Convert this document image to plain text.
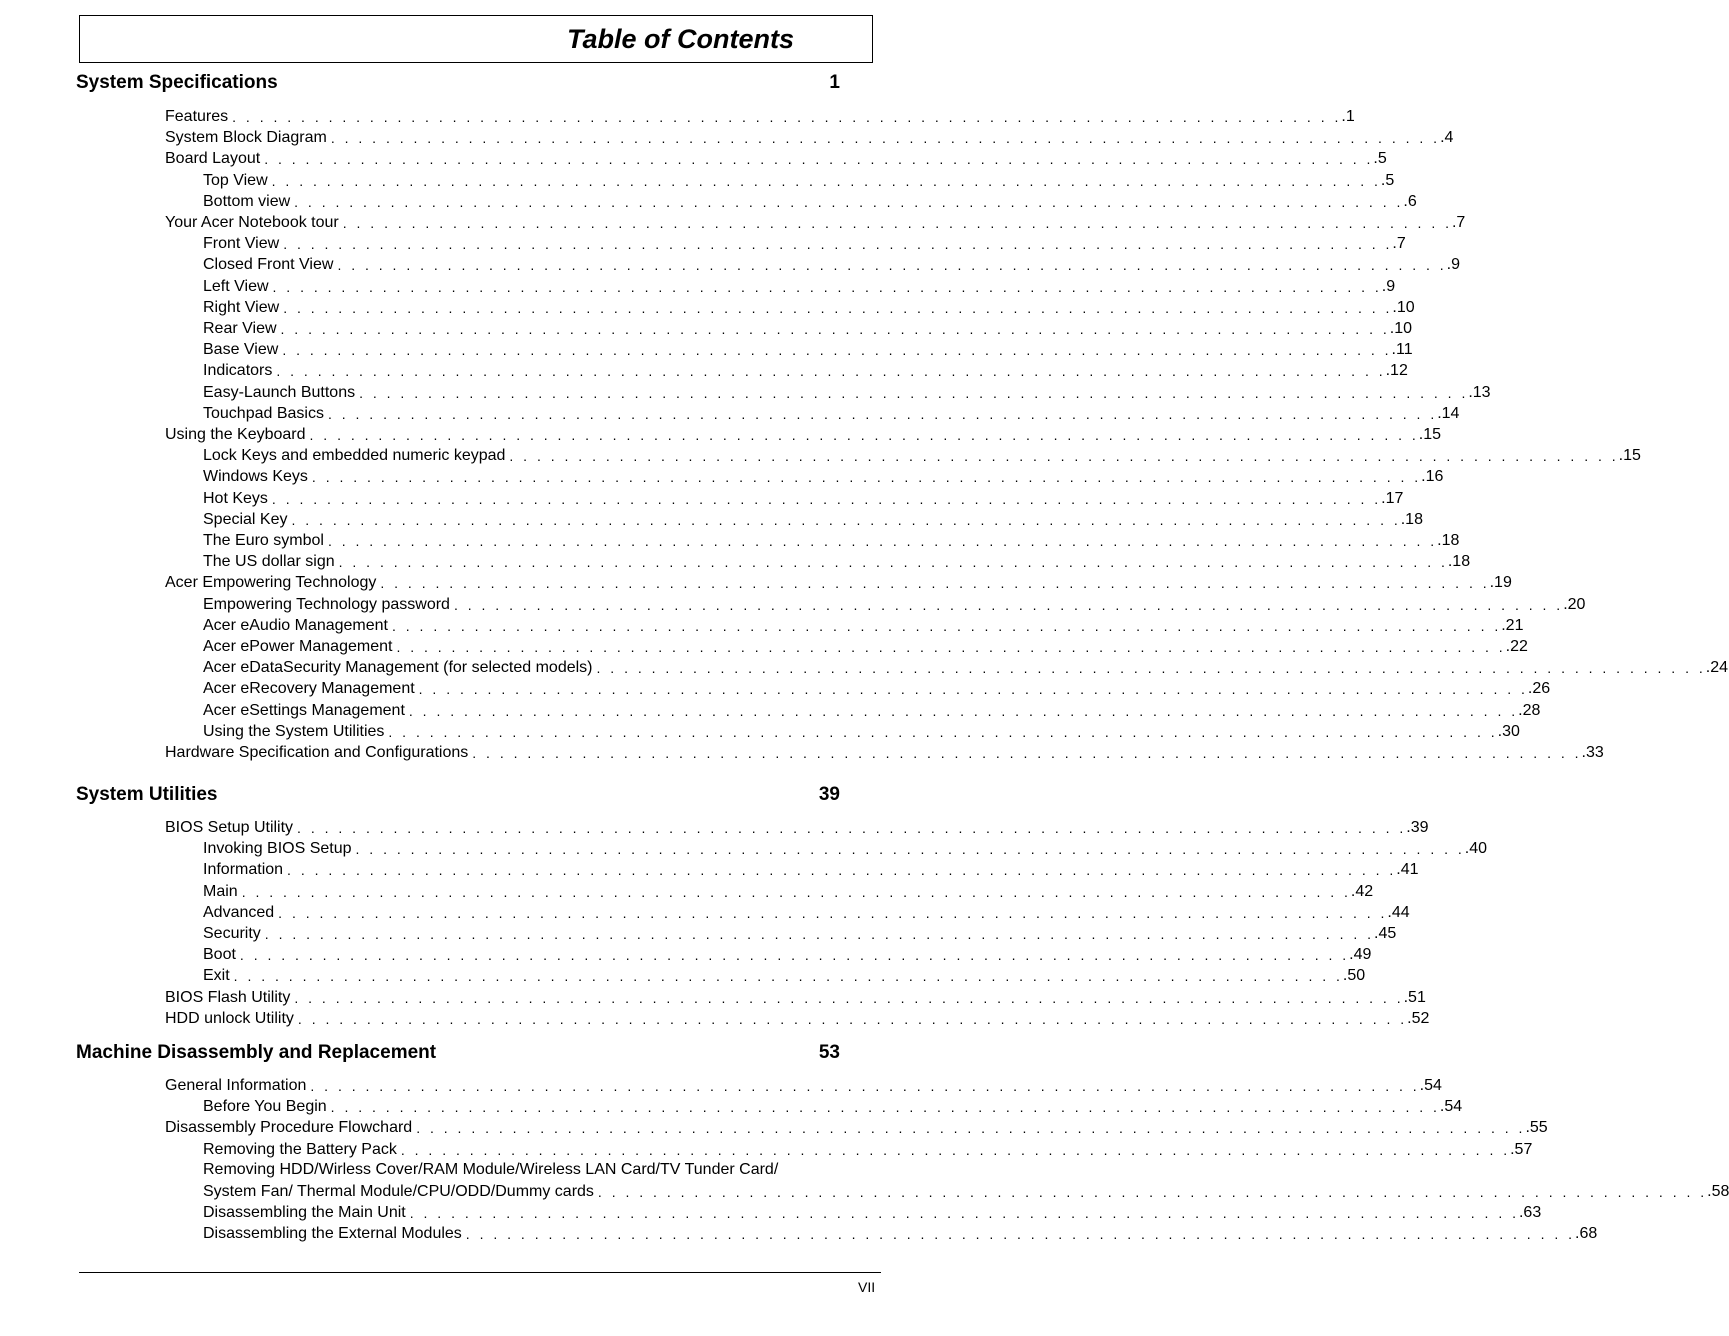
Table of Contents
System Specifications	1
Features . . . . . . . . . . . . . . . . . . . . . . . . . . . . . . . . . . . . . . . . . . . . . . . . . . . . . . . . . . . . . . . . . . . . . . . . . . . . . . . . . .1
System Block Diagram . . . . . . . . . . . . . . . . . . . . . . . . . . . . . . . . . . . . . . . . . . . . . . . . . . . . . . . . . . . . . . . . . . . . . . . . . . . . . . . . . .4
Board Layout . . . . . . . . . . . . . . . . . . . . . . . . . . . . . . . . . . . . . . . . . . . . . . . . . . . . . . . . . . . . . . . . . . . . . . . . . . . . . . . . . .5
Top View . . . . . . . . . . . . . . . . . . . . . . . . . . . . . . . . . . . . . . . . . . . . . . . . . . . . . . . . . . . . . . . . . . . . . . . . . . . . . . . . . .5
Bottom view . . . . . . . . . . . . . . . . . . . . . . . . . . . . . . . . . . . . . . . . . . . . . . . . . . . . . . . . . . . . . . . . . . . . . . . . . . . . . . . . . .6
Your Acer Notebook tour . . . . . . . . . . . . . . . . . . . . . . . . . . . . . . . . . . . . . . . . . . . . . . . . . . . . . . . . . . . . . . . . . . . . . . . . . . . . . . . . . .7
Front View . . . . . . . . . . . . . . . . . . . . . . . . . . . . . . . . . . . . . . . . . . . . . . . . . . . . . . . . . . . . . . . . . . . . . . . . . . . . . . . . . .7
Closed Front View . . . . . . . . . . . . . . . . . . . . . . . . . . . . . . . . . . . . . . . . . . . . . . . . . . . . . . . . . . . . . . . . . . . . . . . . . . . . . . . . . .9
Left View . . . . . . . . . . . . . . . . . . . . . . . . . . . . . . . . . . . . . . . . . . . . . . . . . . . . . . . . . . . . . . . . . . . . . . . . . . . . . . . . . .9
Right View . . . . . . . . . . . . . . . . . . . . . . . . . . . . . . . . . . . . . . . . . . . . . . . . . . . . . . . . . . . . . . . . . . . . . . . . . . . . . . . . . .10
Rear View . . . . . . . . . . . . . . . . . . . . . . . . . . . . . . . . . . . . . . . . . . . . . . . . . . . . . . . . . . . . . . . . . . . . . . . . . . . . . . . . . .10
Base View . . . . . . . . . . . . . . . . . . . . . . . . . . . . . . . . . . . . . . . . . . . . . . . . . . . . . . . . . . . . . . . . . . . . . . . . . . . . . . . . . .11
Indicators . . . . . . . . . . . . . . . . . . . . . . . . . . . . . . . . . . . . . . . . . . . . . . . . . . . . . . . . . . . . . . . . . . . . . . . . . . . . . . . . . .12
Easy-Launch Buttons . . . . . . . . . . . . . . . . . . . . . . . . . . . . . . . . . . . . . . . . . . . . . . . . . . . . . . . . . . . . . . . . . . . . . . . . . . . . . . . . . .13
Touchpad Basics . . . . . . . . . . . . . . . . . . . . . . . . . . . . . . . . . . . . . . . . . . . . . . . . . . . . . . . . . . . . . . . . . . . . . . . . . . . . . . . . . .14
Using the Keyboard . . . . . . . . . . . . . . . . . . . . . . . . . . . . . . . . . . . . . . . . . . . . . . . . . . . . . . . . . . . . . . . . . . . . . . . . . . . . . . . . . .15
Lock Keys and embedded numeric keypad . . . . . . . . . . . . . . . . . . . . . . . . . . . . . . . . . . . . . . . . . . . . . . . . . . . . . . . . . . . . . . . . . . . . . . . . . . . . . . . . . .15
Windows Keys . . . . . . . . . . . . . . . . . . . . . . . . . . . . . . . . . . . . . . . . . . . . . . . . . . . . . . . . . . . . . . . . . . . . . . . . . . . . . . . . . .16
Hot Keys . . . . . . . . . . . . . . . . . . . . . . . . . . . . . . . . . . . . . . . . . . . . . . . . . . . . . . . . . . . . . . . . . . . . . . . . . . . . . . . . . .17
Special Key . . . . . . . . . . . . . . . . . . . . . . . . . . . . . . . . . . . . . . . . . . . . . . . . . . . . . . . . . . . . . . . . . . . . . . . . . . . . . . . . . .18
The Euro symbol . . . . . . . . . . . . . . . . . . . . . . . . . . . . . . . . . . . . . . . . . . . . . . . . . . . . . . . . . . . . . . . . . . . . . . . . . . . . . . . . . .18
The US dollar sign . . . . . . . . . . . . . . . . . . . . . . . . . . . . . . . . . . . . . . . . . . . . . . . . . . . . . . . . . . . . . . . . . . . . . . . . . . . . . . . . . .18
Acer Empowering Technology . . . . . . . . . . . . . . . . . . . . . . . . . . . . . . . . . . . . . . . . . . . . . . . . . . . . . . . . . . . . . . . . . . . . . . . . . . . . . . . . . .19
Empowering Technology password . . . . . . . . . . . . . . . . . . . . . . . . . . . . . . . . . . . . . . . . . . . . . . . . . . . . . . . . . . . . . . . . . . . . . . . . . . . . . . . . . .20
Acer eAudio Management . . . . . . . . . . . . . . . . . . . . . . . . . . . . . . . . . . . . . . . . . . . . . . . . . . . . . . . . . . . . . . . . . . . . . . . . . . . . . . . . . .21
Acer ePower Management . . . . . . . . . . . . . . . . . . . . . . . . . . . . . . . . . . . . . . . . . . . . . . . . . . . . . . . . . . . . . . . . . . . . . . . . . . . . . . . . . .22
Acer eDataSecurity Management (for selected models) . . . . . . . . . . . . . . . . . . . . . . . . . . . . . . . . . . . . . . . . . . . . . . . . . . . . . . . . . . . . . . . . . . . . . . . . . . . . . . . . . .24
Acer eRecovery Management . . . . . . . . . . . . . . . . . . . . . . . . . . . . . . . . . . . . . . . . . . . . . . . . . . . . . . . . . . . . . . . . . . . . . . . . . . . . . . . . . .26
Acer eSettings Management . . . . . . . . . . . . . . . . . . . . . . . . . . . . . . . . . . . . . . . . . . . . . . . . . . . . . . . . . . . . . . . . . . . . . . . . . . . . . . . . . .28
Using the System Utilities . . . . . . . . . . . . . . . . . . . . . . . . . . . . . . . . . . . . . . . . . . . . . . . . . . . . . . . . . . . . . . . . . . . . . . . . . . . . . . . . . .30
Hardware Specification and Configurations . . . . . . . . . . . . . . . . . . . . . . . . . . . . . . . . . . . . . . . . . . . . . . . . . . . . . . . . . . . . . . . . . . . . . . . . . . . . . . . . . .33
System Utilities	39
BIOS Setup Utility . . . . . . . . . . . . . . . . . . . . . . . . . . . . . . . . . . . . . . . . . . . . . . . . . . . . . . . . . . . . . . . . . . . . . . . . . . . . . . . . . .39
Invoking BIOS Setup . . . . . . . . . . . . . . . . . . . . . . . . . . . . . . . . . . . . . . . . . . . . . . . . . . . . . . . . . . . . . . . . . . . . . . . . . . . . . . . . . .40
Information . . . . . . . . . . . . . . . . . . . . . . . . . . . . . . . . . . . . . . . . . . . . . . . . . . . . . . . . . . . . . . . . . . . . . . . . . . . . . . . . . .41
Main . . . . . . . . . . . . . . . . . . . . . . . . . . . . . . . . . . . . . . . . . . . . . . . . . . . . . . . . . . . . . . . . . . . . . . . . . . . . . . . . . .42
Advanced . . . . . . . . . . . . . . . . . . . . . . . . . . . . . . . . . . . . . . . . . . . . . . . . . . . . . . . . . . . . . . . . . . . . . . . . . . . . . . . . . .44
Security . . . . . . . . . . . . . . . . . . . . . . . . . . . . . . . . . . . . . . . . . . . . . . . . . . . . . . . . . . . . . . . . . . . . . . . . . . . . . . . . . .45
Boot . . . . . . . . . . . . . . . . . . . . . . . . . . . . . . . . . . . . . . . . . . . . . . . . . . . . . . . . . . . . . . . . . . . . . . . . . . . . . . . . . .49
Exit . . . . . . . . . . . . . . . . . . . . . . . . . . . . . . . . . . . . . . . . . . . . . . . . . . . . . . . . . . . . . . . . . . . . . . . . . . . . . . . . . .50
BIOS Flash Utility . . . . . . . . . . . . . . . . . . . . . . . . . . . . . . . . . . . . . . . . . . . . . . . . . . . . . . . . . . . . . . . . . . . . . . . . . . . . . . . . . .51
HDD unlock Utility . . . . . . . . . . . . . . . . . . . . . . . . . . . . . . . . . . . . . . . . . . . . . . . . . . . . . . . . . . . . . . . . . . . . . . . . . . . . . . . . . .52
Machine Disassembly and Replacement	53
General Information . . . . . . . . . . . . . . . . . . . . . . . . . . . . . . . . . . . . . . . . . . . . . . . . . . . . . . . . . . . . . . . . . . . . . . . . . . . . . . . . . .54
Before You Begin . . . . . . . . . . . . . . . . . . . . . . . . . . . . . . . . . . . . . . . . . . . . . . . . . . . . . . . . . . . . . . . . . . . . . . . . . . . . . . . . . .54
Disassembly Procedure Flowchard . . . . . . . . . . . . . . . . . . . . . . . . . . . . . . . . . . . . . . . . . . . . . . . . . . . . . . . . . . . . . . . . . . . . . . . . . . . . . . . . . .55
Removing the Battery Pack . . . . . . . . . . . . . . . . . . . . . . . . . . . . . . . . . . . . . . . . . . . . . . . . . . . . . . . . . . . . . . . . . . . . . . . . . . . . . . . . . .57
Removing HDD/Wirless Cover/RAM Module/Wireless LAN Card/TV Tunder Card/
System Fan/ Thermal Module/CPU/ODD/Dummy cards . . . . . . . . . . . . . . . . . . . . . . . . . . . . . . . . . . . . . . . . . . . . . . . . . . . . . . . . . . . . . . . . . . . . . . . . . . . . . . . . . .58
Disassembling the Main Unit . . . . . . . . . . . . . . . . . . . . . . . . . . . . . . . . . . . . . . . . . . . . . . . . . . . . . . . . . . . . . . . . . . . . . . . . . . . . . . . . . .63
Disassembling the External Modules . . . . . . . . . . . . . . . . . . . . . . . . . . . . . . . . . . . . . . . . . . . . . . . . . . . . . . . . . . . . . . . . . . . . . . . . . . . . . . . . . .68
VII
